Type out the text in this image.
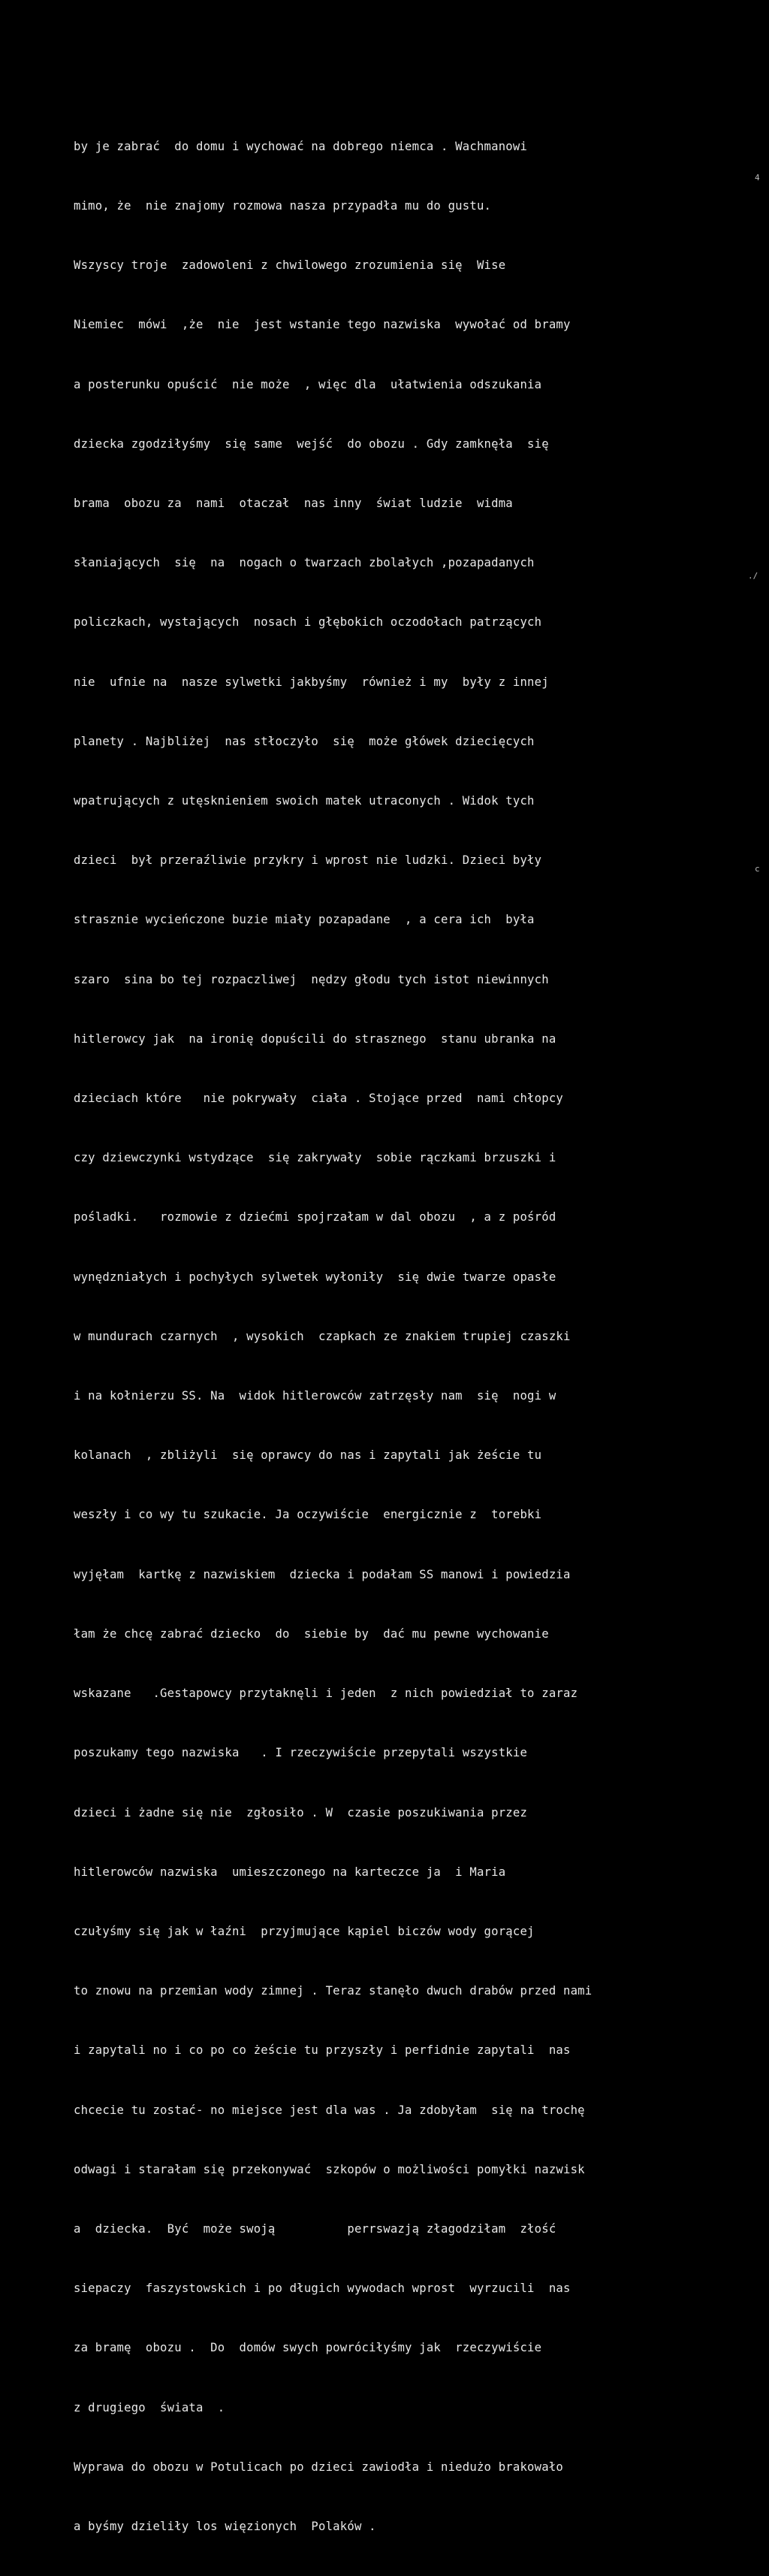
by je zabrać  do domu i wychować na dobrego niemca . Wachmanowi

mimo, że  nie znajomy rozmowa nasza przypadła mu do gustu.

Wszyscy troje  zadowoleni z chwilowego zrozumienia się  Wise

Niemiec  mówi  ,że  nie  jest wstanie tego nazwiska  wywołać od bramy

a posterunku opuścić  nie może  , więc dla  ułatwienia odszukania

dziecka zgodziłyśmy  się same  wejść  do obozu . Gdy zamknęła  się

brama  obozu za  nami  otaczał  nas inny  świat ludzie  widma

słaniających  się  na  nogach o twarzach zbolałych ,pozapadanych

policzkach, wystających  nosach i głębokich oczodołach patrzących

nie  ufnie na  nasze sylwetki jakbyśmy  również i my  były z innej

planety . Najbliżej  nas stłoczyło  się  może główek dziecięcych

wpatrujących z utęsknieniem swoich matek utraconych . Widok tych

dzieci  był przeraźliwie przykry i wprost nie ludzki. Dzieci były

strasznie wycieńczone buzie miały pozapadane  , a cera ich  była

szaro  sina bo tej rozpaczliwej  nędzy głodu tych istot niewinnych

hitlerowcy jak  na ironię dopuścili do strasznego  stanu ubranka na

dzieciach które   nie pokrywały  ciała . Stojące przed  nami chłopcy

czy dziewczynki wstydzące  się zakrywały  sobie rączkami brzuszki i

pośladki.   rozmowie z dziećmi spojrzałam w dal obozu  , a z pośród

wynędzniałych i pochyłych sylwetek wyłoniły  się dwie twarze opasłe

w mundurach czarnych  , wysokich  czapkach ze znakiem trupiej czaszki

i na kołnierzu SS. Na  widok hitlerowców zatrzęsły nam  się  nogi w

kolanach  , zbliżyli  się oprawcy do nas i zapytali jak żeście tu

weszły i co wy tu szukacie. Ja oczywiście  energicznie z  torebki

wyjęłam  kartkę z nazwiskiem  dziecka i podałam SS manowi i powiedzia

łam że chcę zabrać dziecko  do  siebie by  dać mu pewne wychowanie

wskazane   .Gestapowcy przytaknęli i jeden  z nich powiedział to zaraz

poszukamy tego nazwiska   . I rzeczywiście przepytali wszystkie

dzieci i żadne się nie  zgłosiło . W  czasie poszukiwania przez

hitlerowców nazwiska  umieszczonego na karteczce ja  i Maria

czułyśmy się jak w łaźni  przyjmujące kąpiel biczów wody gorącej

to znowu na przemian wody zimnej . Teraz stanęło dwuch drabów przed nami

i zapytali no i co po co żeście tu przyszły i perfidnie zapytali  nas

chcecie tu zostać- no miejsce jest dla was . Ja zdobyłam  się na trochę

odwagi i starałam się przekonywać  szkopów o możliwości pomyłki nazwisk

a  dziecka.  Być  może swoją          perrswazją złagodziłam  złość

siepaczy  faszystowskich i po długich wywodach wprost  wyrzucili  nas

za bramę  obozu .  Do  domów swych powróciłyśmy jak  rzeczywiście

z drugiego  świata  .

Wyprawa do obozu w Potulicach po dzieci zawiodła i niedużo brakowało

a byśmy dzieliły los więzionych  Polaków .

4
./
c
